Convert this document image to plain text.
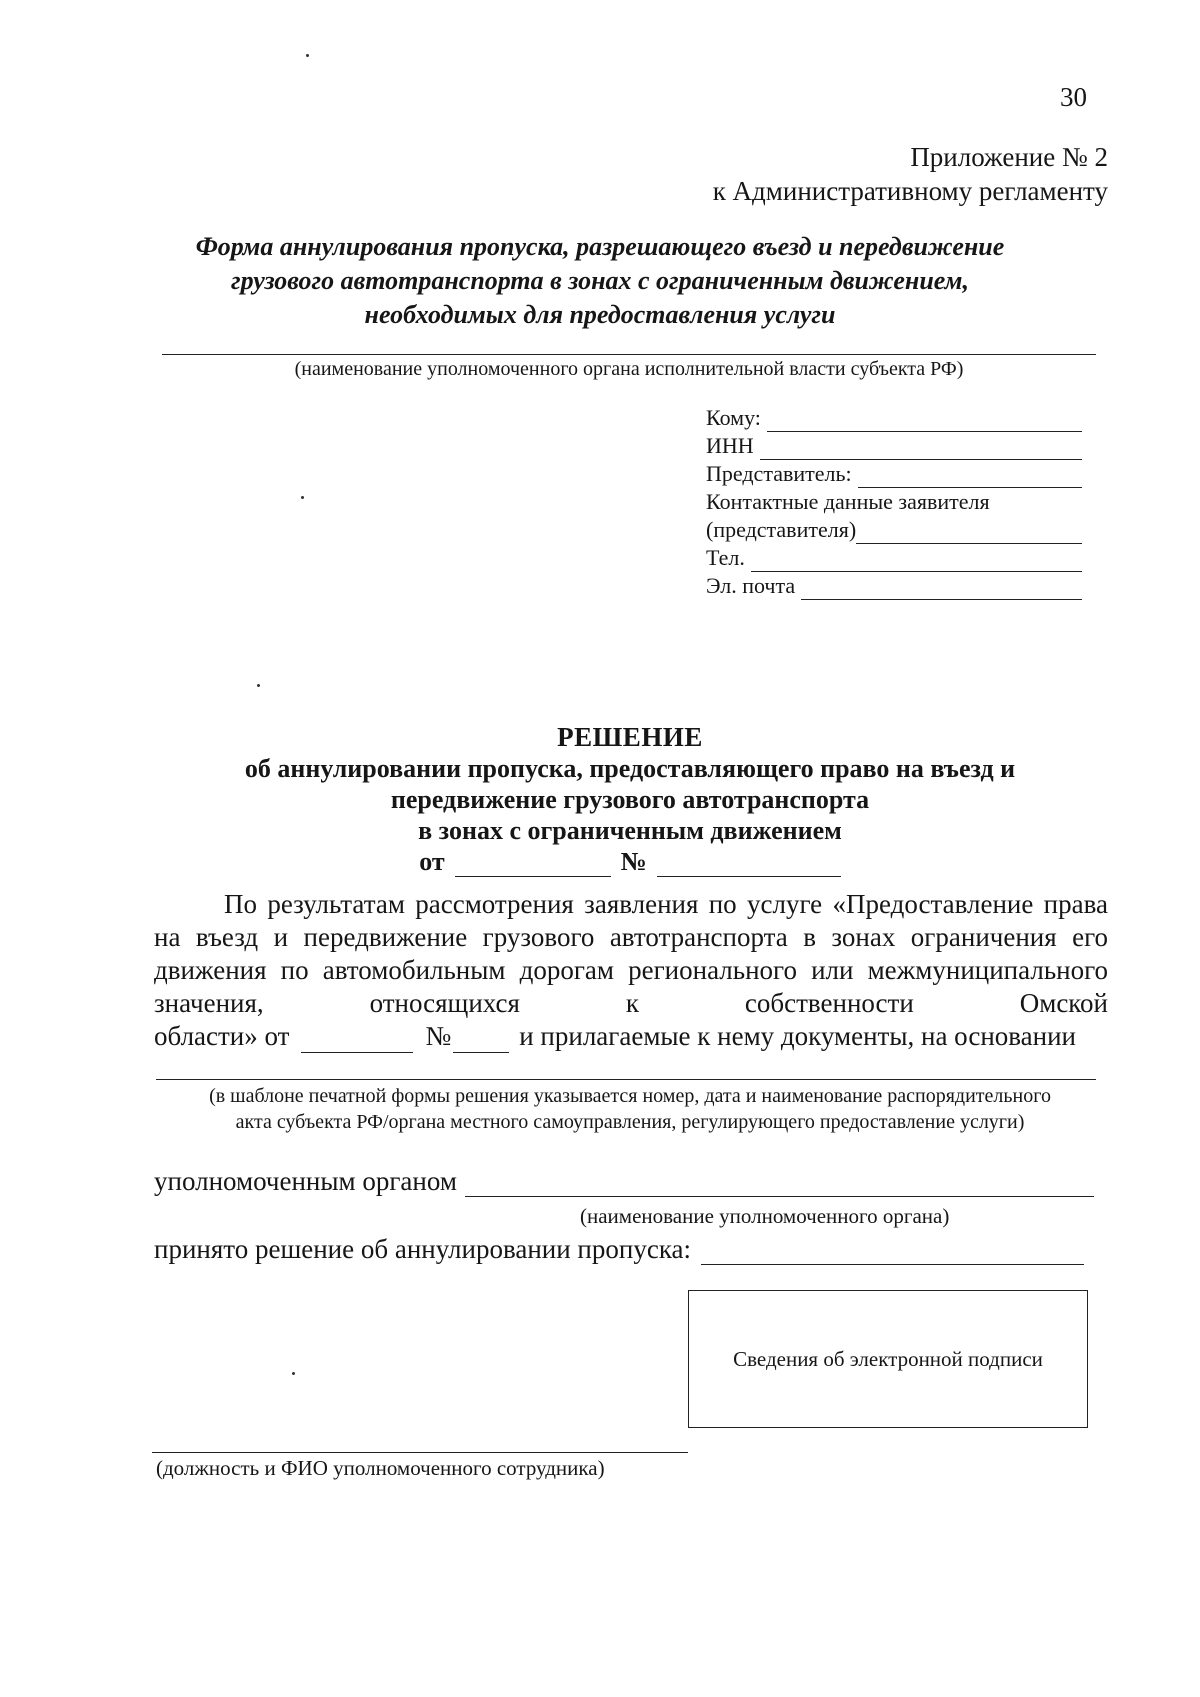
30
Приложение № 2
к Административному регламенту
Форма аннулирования пропуска, разрешающего въезд и передвижение
грузового автотранспорта в зонах с ограниченным движением,
необходимых для предоставления услуги
(наименование уполномоченного органа исполнительной власти субъекта РФ)
Кому:
ИНН
Представитель:
Контактные данные заявителя
(представителя)
Тел.
Эл. почта
РЕШЕНИЕ
об аннулировании пропуска, предоставляющего право на въезд и
передвижение грузового автотранспорта
в зонах с ограниченным движением
от	№
По результатам рассмотрения заявления по услуге «Предоставление права на въезд и передвижение грузового автотранспорта в зонах ограничения его движения по автомобильным дорогам регионального или межмуниципального значения, относящихся к собственности Омской
области» от	№	и прилагаемые к нему документы, на основании
(в шаблоне печатной формы решения указывается номер, дата и наименование распорядительного
акта субъекта РФ/органа местного самоуправления, регулирующего предоставление услуги)
уполномоченным органом
(наименование уполномоченного органа)
принято решение об аннулировании пропуска:
Сведения об электронной подписи
(должность и ФИО уполномоченного сотрудника)
